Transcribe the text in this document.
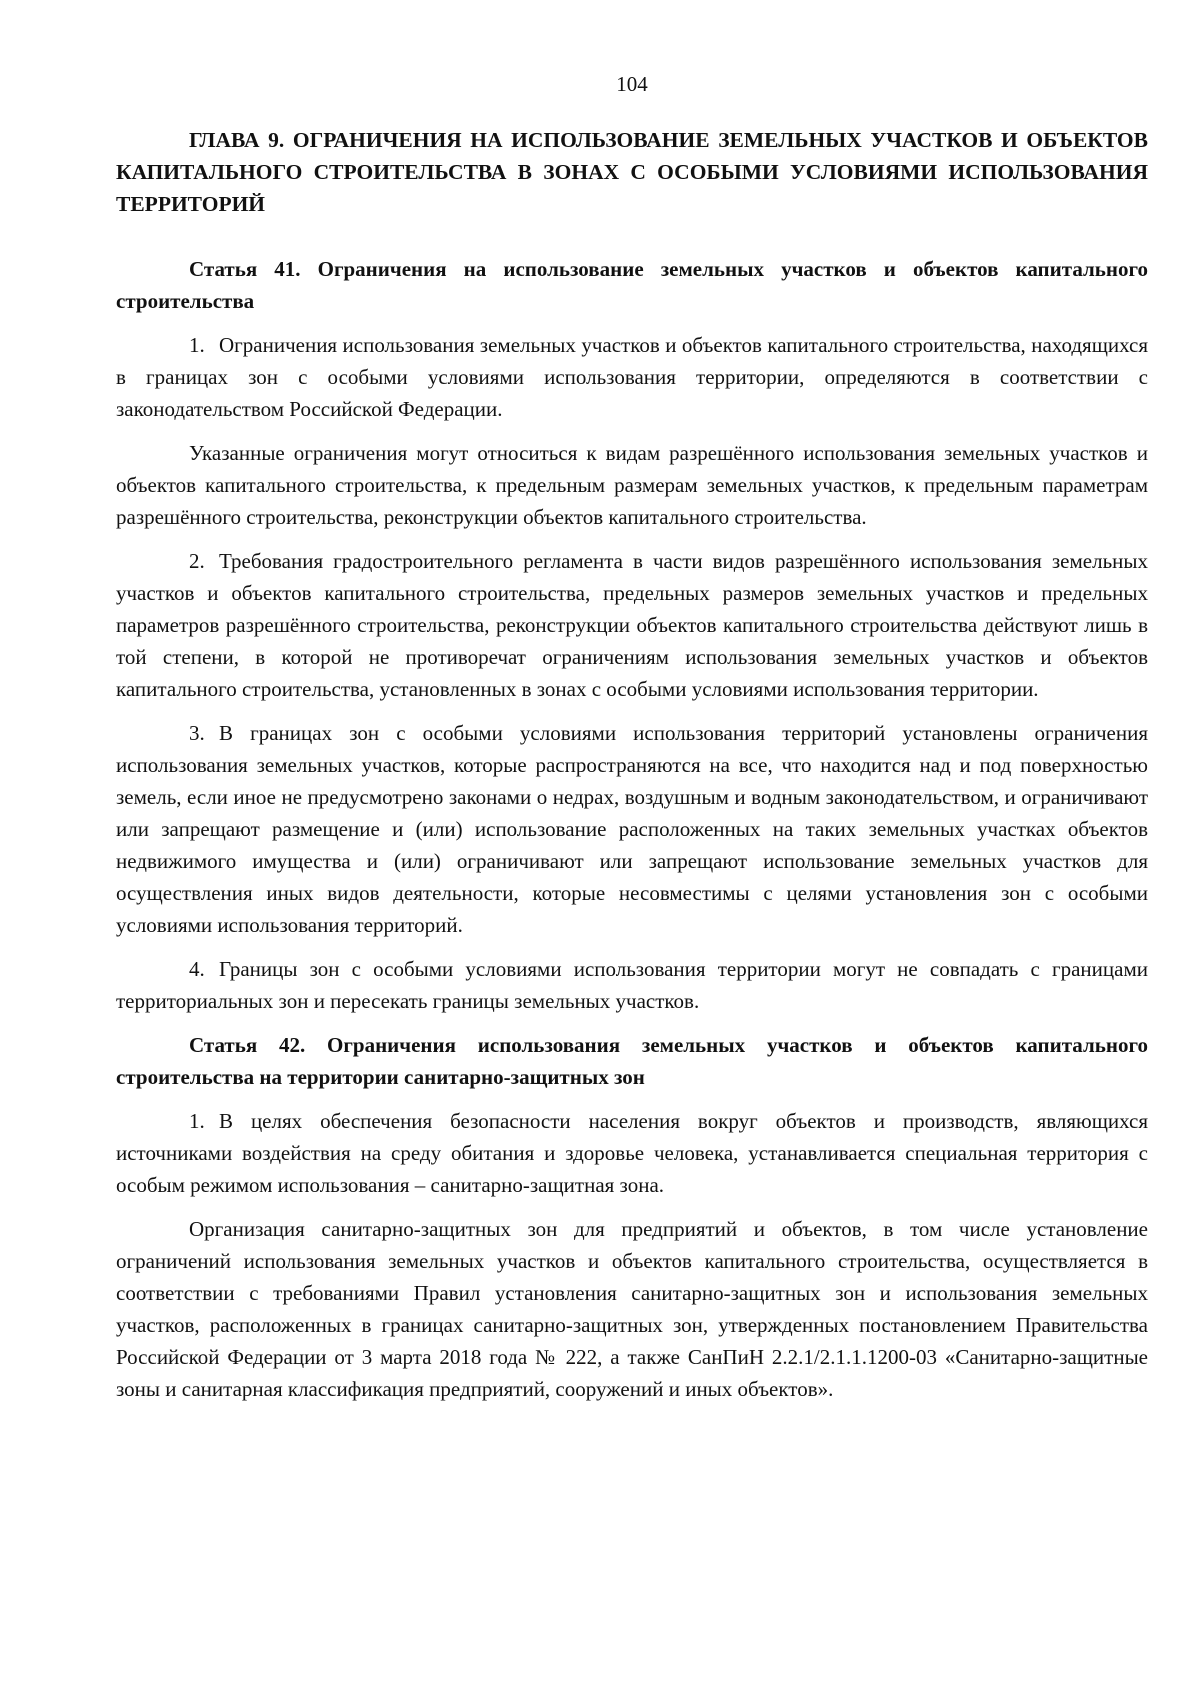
104
ГЛАВА 9. ОГРАНИЧЕНИЯ НА ИСПОЛЬЗОВАНИЕ ЗЕМЕЛЬНЫХ УЧАСТКОВ И ОБЪЕКТОВ КАПИТАЛЬНОГО СТРОИТЕЛЬСТВА В ЗОНАХ С ОСОБЫМИ УСЛОВИЯМИ ИСПОЛЬЗОВАНИЯ ТЕРРИТОРИЙ
Статья 41. Ограничения на использование земельных участков и объектов капитального строительства

1. Ограничения использования земельных участков и объектов капитального строительства, находящихся в границах зон с особыми условиями использования территории, определяются в соответствии с законодательством Российской Федерации.

Указанные ограничения могут относиться к видам разрешённого использования земельных участков и объектов капитального строительства, к предельным размерам земельных участков, к предельным параметрам разрешённого строительства, реконструкции объектов капитального строительства.

2. Требования градостроительного регламента в части видов разрешённого использования земельных участков и объектов капитального строительства, предельных размеров земельных участков и предельных параметров разрешённого строительства, реконструкции объектов капитального строительства действуют лишь в той степени, в которой не противоречат ограничениям использования земельных участков и объектов капитального строительства, установленных в зонах с особыми условиями использования территории.

3. В границах зон с особыми условиями использования территорий установлены ограничения использования земельных участков, которые распространяются на все, что находится над и под поверхностью земель, если иное не предусмотрено законами о недрах, воздушным и водным законодательством, и ограничивают или запрещают размещение и (или) использование расположенных на таких земельных участках объектов недвижимого имущества и (или) ограничивают или запрещают использование земельных участков для осуществления иных видов деятельности, которые несовместимы с целями установления зон с особыми условиями использования территорий.

4. Границы зон с особыми условиями использования территории могут не совпадать с границами территориальных зон и пересекать границы земельных участков.

Статья 42. Ограничения использования земельных участков и объектов капитального строительства на территории санитарно-защитных зон

1. В целях обеспечения безопасности населения вокруг объектов и производств, являющихся источниками воздействия на среду обитания и здоровье человека, устанавливается специальная территория с особым режимом использования – санитарно-защитная зона.

Организация санитарно-защитных зон для предприятий и объектов, в том числе установление ограничений использования земельных участков и объектов капитального строительства, осуществляется в соответствии с требованиями Правил установления санитарно-защитных зон и использования земельных участков, расположенных в границах санитарно-защитных зон, утвержденных постановлением Правительства Российской Федерации от 3 марта 2018 года № 222, а также СанПиН 2.2.1/2.1.1.1200-03 «Санитарно-защитные зоны и санитарная классификация предприятий, сооружений и иных объектов».
